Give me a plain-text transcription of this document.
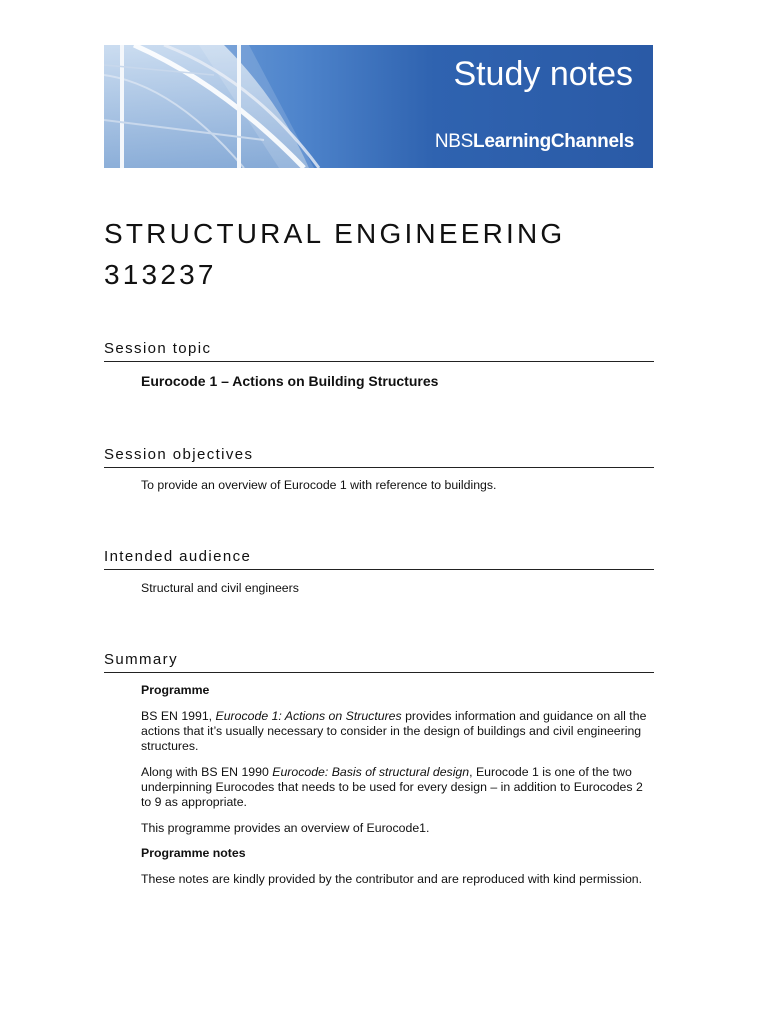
Study notes
NBSLearningChannels
STRUCTURAL ENGINEERING
313237
Session topic

Eurocode 1 – Actions on Building Structures

Session objectives

To provide an overview of Eurocode 1 with reference to buildings.

Intended audience

Structural and civil engineers

Summary

Programme

BS EN 1991, Eurocode 1: Actions on Structures provides information and guidance on all the actions that it’s usually necessary to consider in the design of buildings and civil engineering structures.

Along with BS EN 1990 Eurocode: Basis of structural design, Eurocode 1 is one of the two underpinning Eurocodes that needs to be used for every design – in addition to Eurocodes 2 to 9 as appropriate.

This programme provides an overview of Eurocode1.

Programme notes

These notes are kindly provided by the contributor and are reproduced with kind permission.
